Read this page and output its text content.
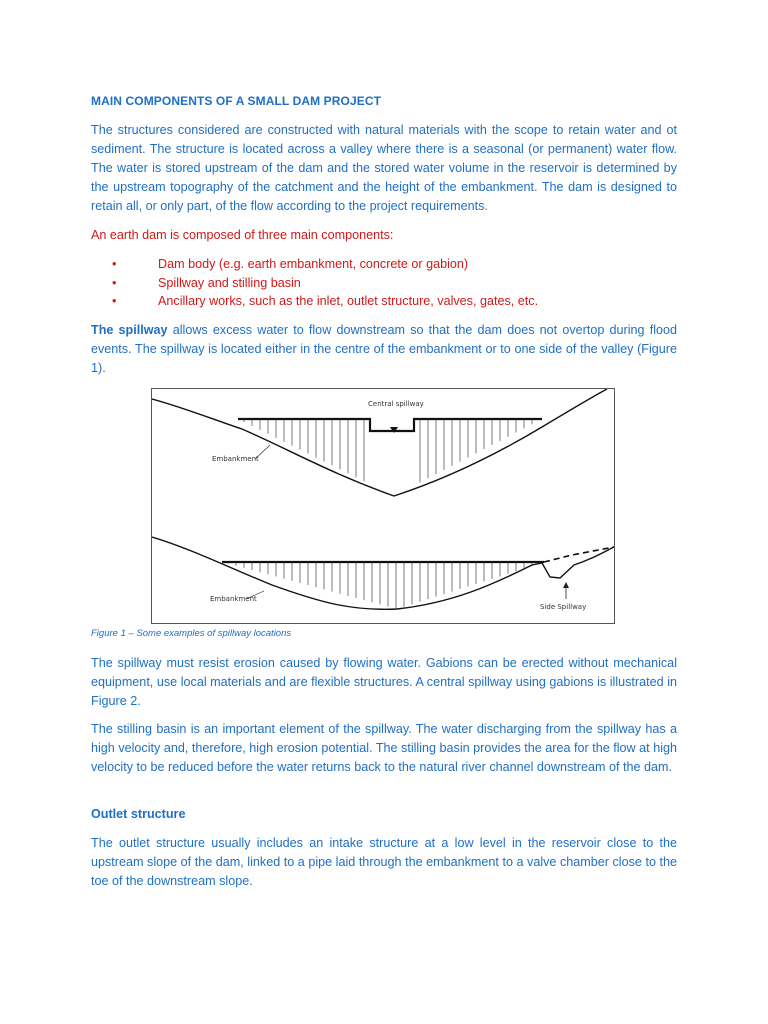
MAIN COMPONENTS OF A SMALL DAM PROJECT

The structures considered are constructed with natural materials with the scope to retain water and ot sediment. The structure is located across a valley where there is a seasonal (or permanent) water flow. The water is stored upstream of the dam and the stored water volume in the reservoir is determined by the upstream topography of the catchment and the height of the embankment. The dam is designed to retain all, or only part, of the flow according to the project requirements.

An earth dam is composed of three main components:

•	Dam body (e.g. earth embankment, concrete or gabion)
•	Spillway and stilling basin
•	Ancillary works, such as the inlet, outlet structure, valves, gates, etc.

The spillway allows excess water to flow downstream so that the dam does not overtop during flood events. The spillway is located either in the centre of the embankment or to one side of the valley (Figure 1).

Central spillway
Embankment
Embankment
Side Spillway
Figure 1 – Some examples of spillway locations

The spillway must resist erosion caused by flowing water. Gabions can be erected without mechanical equipment, use local materials and are flexible structures. A central spillway using gabions is illustrated in Figure 2.

The stilling basin is an important element of the spillway. The water discharging from the spillway has a high velocity and, therefore, high erosion potential. The stilling basin provides the area for the flow at high velocity to be reduced before the water returns back to the natural river channel downstream of the dam.

Outlet structure

The outlet structure usually includes an intake structure at a low level in the reservoir close to the upstream slope of the dam, linked to a pipe laid through the embankment to a valve chamber close to the toe of the downstream slope.
